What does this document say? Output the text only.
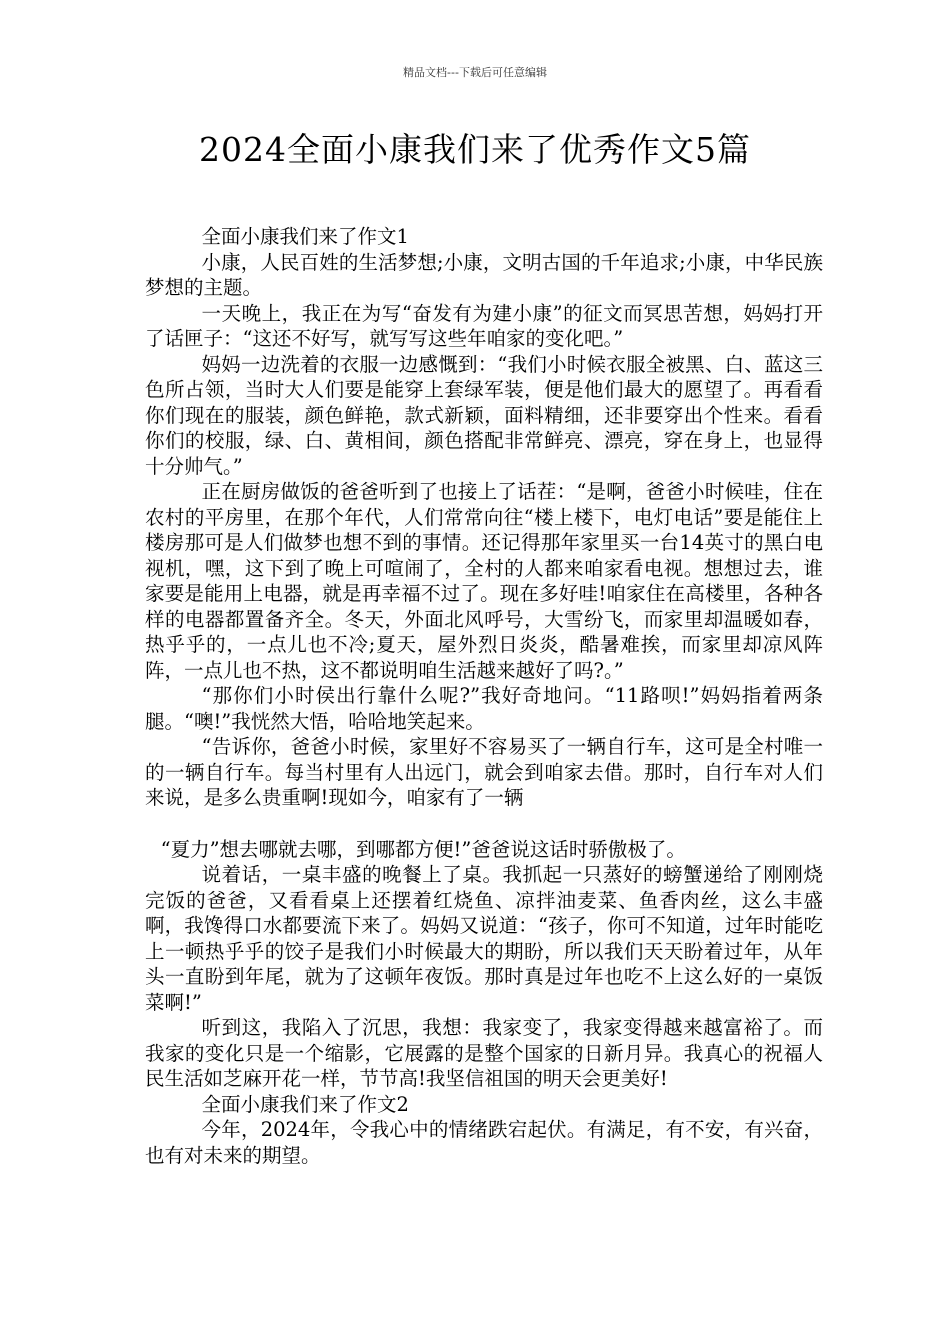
精品文档---下载后可任意编辑
2024全面小康我们来了优秀作文5篇

全面小康我们来了作文1

小康，人民百姓的生活梦想;小康，文明古国的千年追求;小康，中华民族梦想的主题。

一天晚上，我正在为写“奋发有为建小康”的征文而冥思苦想，妈妈打开了话匣子：“这还不好写，就写写这些年咱家的变化吧。”

妈妈一边洗着的衣服一边感慨到：“我们小时候衣服全被黑、白、蓝这三色所占领，当时大人们要是能穿上套绿军装，便是他们最大的愿望了。再看看你们现在的服装，颜色鲜艳，款式新颖，面料精细，还非要穿出个性来。看看你们的校服，绿、白、黄相间，颜色搭配非常鲜亮、漂亮，穿在身上，也显得十分帅气。”

正在厨房做饭的爸爸听到了也接上了话茬：“是啊，爸爸小时候哇，住在农村的平房里，在那个年代，人们常常向往“楼上楼下，电灯电话”要是能住上楼房那可是人们做梦也想不到的事情。还记得那年家里买一台14英寸的黑白电视机，嘿，这下到了晚上可喧闹了，全村的人都来咱家看电视。想想过去，谁家要是能用上电器，就是再幸福不过了。现在多好哇!咱家住在高楼里，各种各样的电器都置备齐全。冬天，外面北风呼号，大雪纷飞，而家里却温暖如春，热乎乎的，一点儿也不冷;夏天，屋外烈日炎炎，酷暑难挨，而家里却凉风阵阵，一点儿也不热，这不都说明咱生活越来越好了吗?。”

“那你们小时侯出行靠什么呢?”我好奇地问。“11路呗!”妈妈指着两条腿。“噢!”我恍然大悟，哈哈地笑起来。

“告诉你，爸爸小时候，家里好不容易买了一辆自行车，这可是全村唯一的一辆自行车。每当村里有人出远门，就会到咱家去借。那时，自行车对人们来说，是多么贵重啊!现如今，咱家有了一辆

“夏力”想去哪就去哪，到哪都方便!”爸爸说这话时骄傲极了。

说着话，一桌丰盛的晚餐上了桌。我抓起一只蒸好的螃蟹递给了刚刚烧完饭的爸爸，又看看桌上还摆着红烧鱼、凉拌油麦菜、鱼香肉丝，这么丰盛啊，我馋得口水都要流下来了。妈妈又说道：“孩子，你可不知道，过年时能吃上一顿热乎乎的饺子是我们小时候最大的期盼，所以我们天天盼着过年，从年头一直盼到年尾，就为了这顿年夜饭。那时真是过年也吃不上这么好的一桌饭菜啊!”

听到这，我陷入了沉思，我想：我家变了，我家变得越来越富裕了。而我家的变化只是一个缩影，它展露的是整个国家的日新月异。我真心的祝福人民生活如芝麻开花一样，节节高!我坚信祖国的明天会更美好!

全面小康我们来了作文2

今年，2024年，令我心中的情绪跌宕起伏。有满足，有不安，有兴奋，也有对未来的期望。
